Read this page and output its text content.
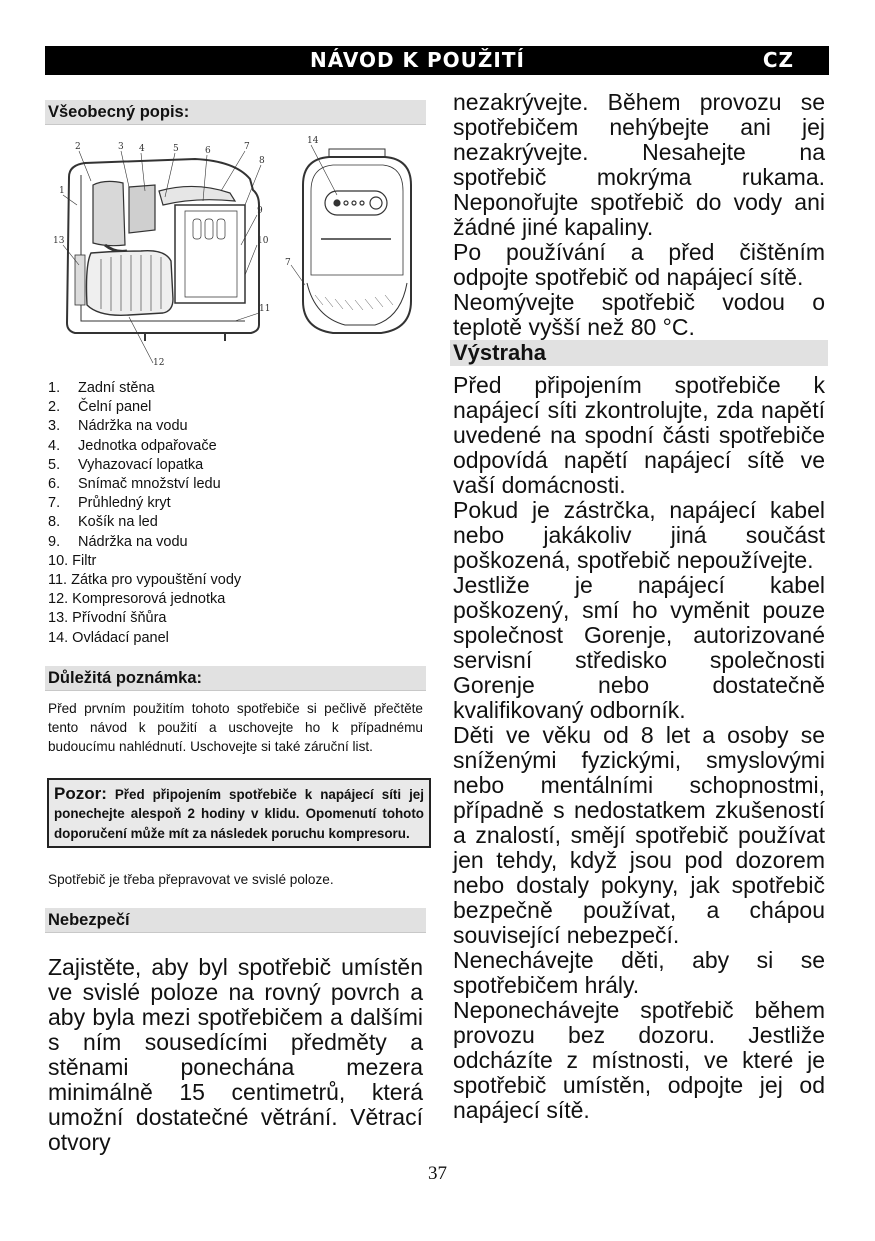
NÁVOD K POUŽITÍ	CZ
Všeobecný popis:
1
2	3 4	5	6	7
8
9
10
11
12
13
14
7
1. Zadní stěna
2. Čelní panel
3. Nádržka na vodu
4. Jednotka odpařovače
5. Vyhazovací lopatka
6. Snímač množství ledu
7. Průhledný kryt
8. Košík na led
9. Nádržka na vodu
10. Filtr
11. Zátka pro vypouštění vody
12. Kompresorová jednotka
13. Přívodní šňůra
14. Ovládací panel
Důležitá poznámka:
Před prvním použitím tohoto spotřebiče si pečlivě přečtěte tento návod k použití a uschovejte ho k případnému budoucímu nahlédnutí. Uschovejte si také záruční list.
Pozor: Před připojením spotřebiče k napájecí síti jej ponechejte alespoň 2 hodiny v klidu. Opomenutí tohoto doporučení může mít za následek poruchu kompresoru.
Spotřebič je třeba přepravovat ve svislé poloze.
Nebezpečí

Zajistěte, aby byl spotřebič umístěn ve svislé poloze na rovný povrch a aby byla mezi spotřebičem a dalšími s ním sousedícími předměty a stěnami ponechána mezera minimálně 15 centimetrů, která umožní dostatečné větrání. Větrací otvory

nezakrývejte. Během provozu se spotřebičem nehýbejte ani jej nezakrývejte. Nesahejte na spotřebič mokrýma rukama. Neponořujte spotřebič do vody ani žádné jiné kapaliny.

Po používání a před čištěním odpojte spotřebič od napájecí sítě.

Neomývejte spotřebič vodou o teplotě vyšší než 80 °C.

Výstraha

Před připojením spotřebiče k napájecí síti zkontrolujte, zda napětí uvedené na spodní části spotřebiče odpovídá napětí napájecí sítě ve vaší domácnosti.

Pokud je zástrčka, napájecí kabel nebo jakákoliv jiná součást poškozená, spotřebič nepoužívejte.

Jestliže je napájecí kabel poškozený, smí ho vyměnit pouze společnost Gorenje, autorizované servisní středisko společnosti Gorenje nebo dostatečně kvalifikovaný odborník.

Děti ve věku od 8 let a osoby se sníženými fyzickými, smyslovými nebo mentálními schopnostmi, případně s nedostatkem zkušeností a znalostí, smějí spotřebič používat jen tehdy, když jsou pod dozorem nebo dostaly pokyny, jak spotřebič bezpečně používat, a chápou související nebezpečí.

Nenechávejte děti, aby si se spotřebičem hrály.

Neponechávejte spotřebič během provozu bez dozoru. Jestliže odcházíte z místnosti, ve které je spotřebič umístěn, odpojte jej od napájecí sítě.

37
